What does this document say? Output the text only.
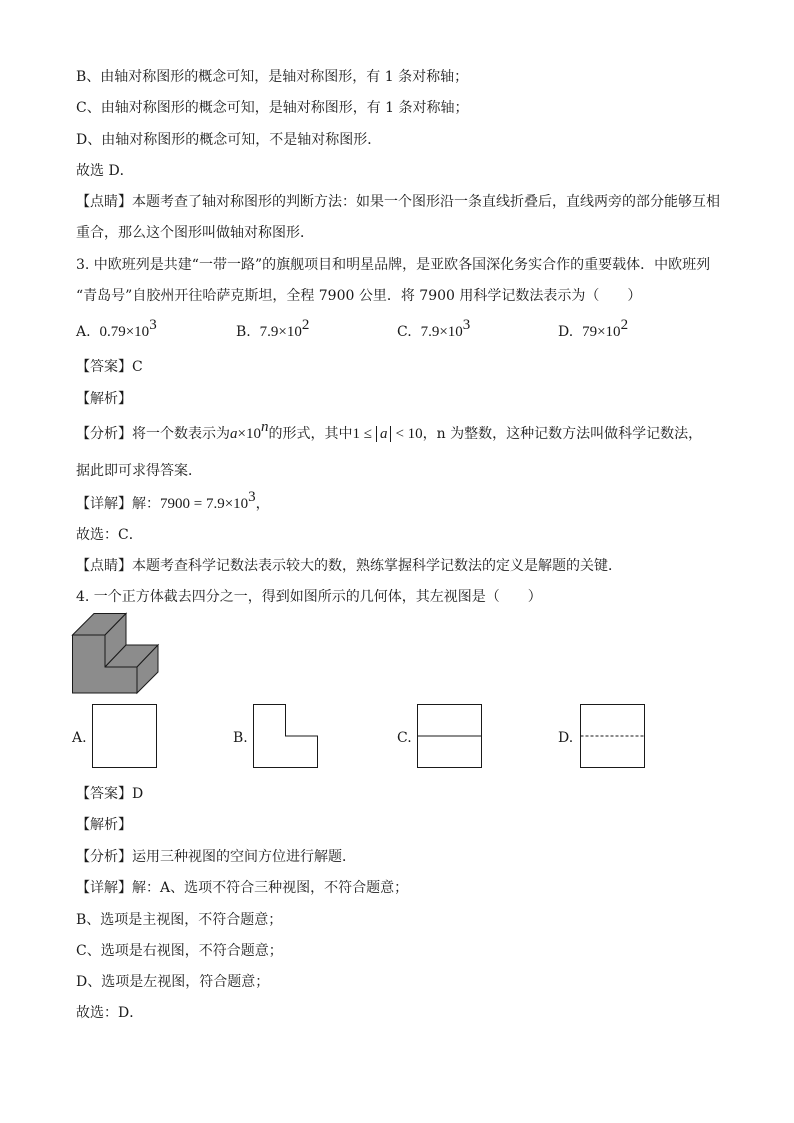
B、由轴对称图形的概念可知，是轴对称图形，有 1 条对称轴；
C、由轴对称图形的概念可知，是轴对称图形，有 1 条对称轴；
D、由轴对称图形的概念可知，不是轴对称图形．
故选 D．
【点睛】本题考查了轴对称图形的判断方法：如果一个图形沿一条直线折叠后，直线两旁的部分能够互相
重合，那么这个图形叫做轴对称图形．
3. 中欧班列是共建“一带一路”的旗舰项目和明星品牌，是亚欧各国深化务实合作的重要载体．中欧班列
“青岛号”自胶州开往哈萨克斯坦，全程 7900 公里．将 7900 用科学记数法表示为（　　）
A. $0.79\times 10^3$	B. $7.9\times 10^2$	C. $7.9\times 10^3$	D. $79\times 10^2$
【答案】C
【解析】
【分析】将一个数表示为$a\times 10^n$的形式，其中1 ≤ a < 10，n 为整数，这种记数方法叫做科学记数法，
据此即可求得答案．
【详解】解：$7900 = 7.9\times 10^3$，
故选：C．
【点睛】本题考查科学记数法表示较大的数，熟练掌握科学记数法的定义是解题的关键．
4. 一个正方体截去四分之一，得到如图所示的几何体，其左视图是（　　）
A.	B.	C.	D.
【答案】D
【解析】
【分析】运用三种视图的空间方位进行解题．
【详解】解：A、选项不符合三种视图，不符合题意；
B、选项是主视图，不符合题意；
C、选项是右视图，不符合题意；
D、选项是左视图，符合题意；
故选：D．
